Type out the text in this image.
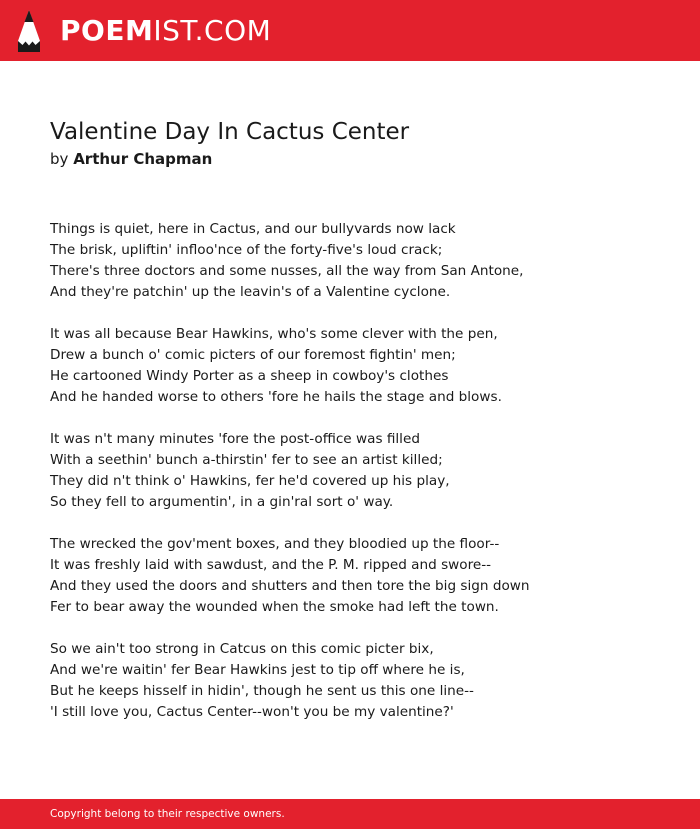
POEMIST.COM
Valentine Day In Cactus Center
by Arthur Chapman
Things is quiet, here in Cactus, and our bullyvards now lack
The brisk, upliftin' infloo'nce of the forty-five's loud crack;
There's three doctors and some nusses, all the way from San Antone,
And they're patchin' up the leavin's of a Valentine cyclone.
It was all because Bear Hawkins, who's some clever with the pen,
Drew a bunch o' comic picters of our foremost fightin' men;
He cartooned Windy Porter as a sheep in cowboy's clothes
And he handed worse to others 'fore he hails the stage and blows.
It was n't many minutes 'fore the post-office was filled
With a seethin' bunch a-thirstin' fer to see an artist killed;
They did n't think o' Hawkins, fer he'd covered up his play,
So they fell to argumentin', in a gin'ral sort o' way.
The wrecked the gov'ment boxes, and they bloodied up the floor--
It was freshly laid with sawdust, and the P. M. ripped and swore--
And they used the doors and shutters and then tore the big sign down
Fer to bear away the wounded when the smoke had left the town.
So we ain't too strong in Catcus on this comic picter bix,
And we're waitin' fer Bear Hawkins jest to tip off where he is,
But he keeps hisself in hidin', though he sent us this one line--
'I still love you, Cactus Center--won't you be my valentine?'
Copyright belong to their respective owners.
